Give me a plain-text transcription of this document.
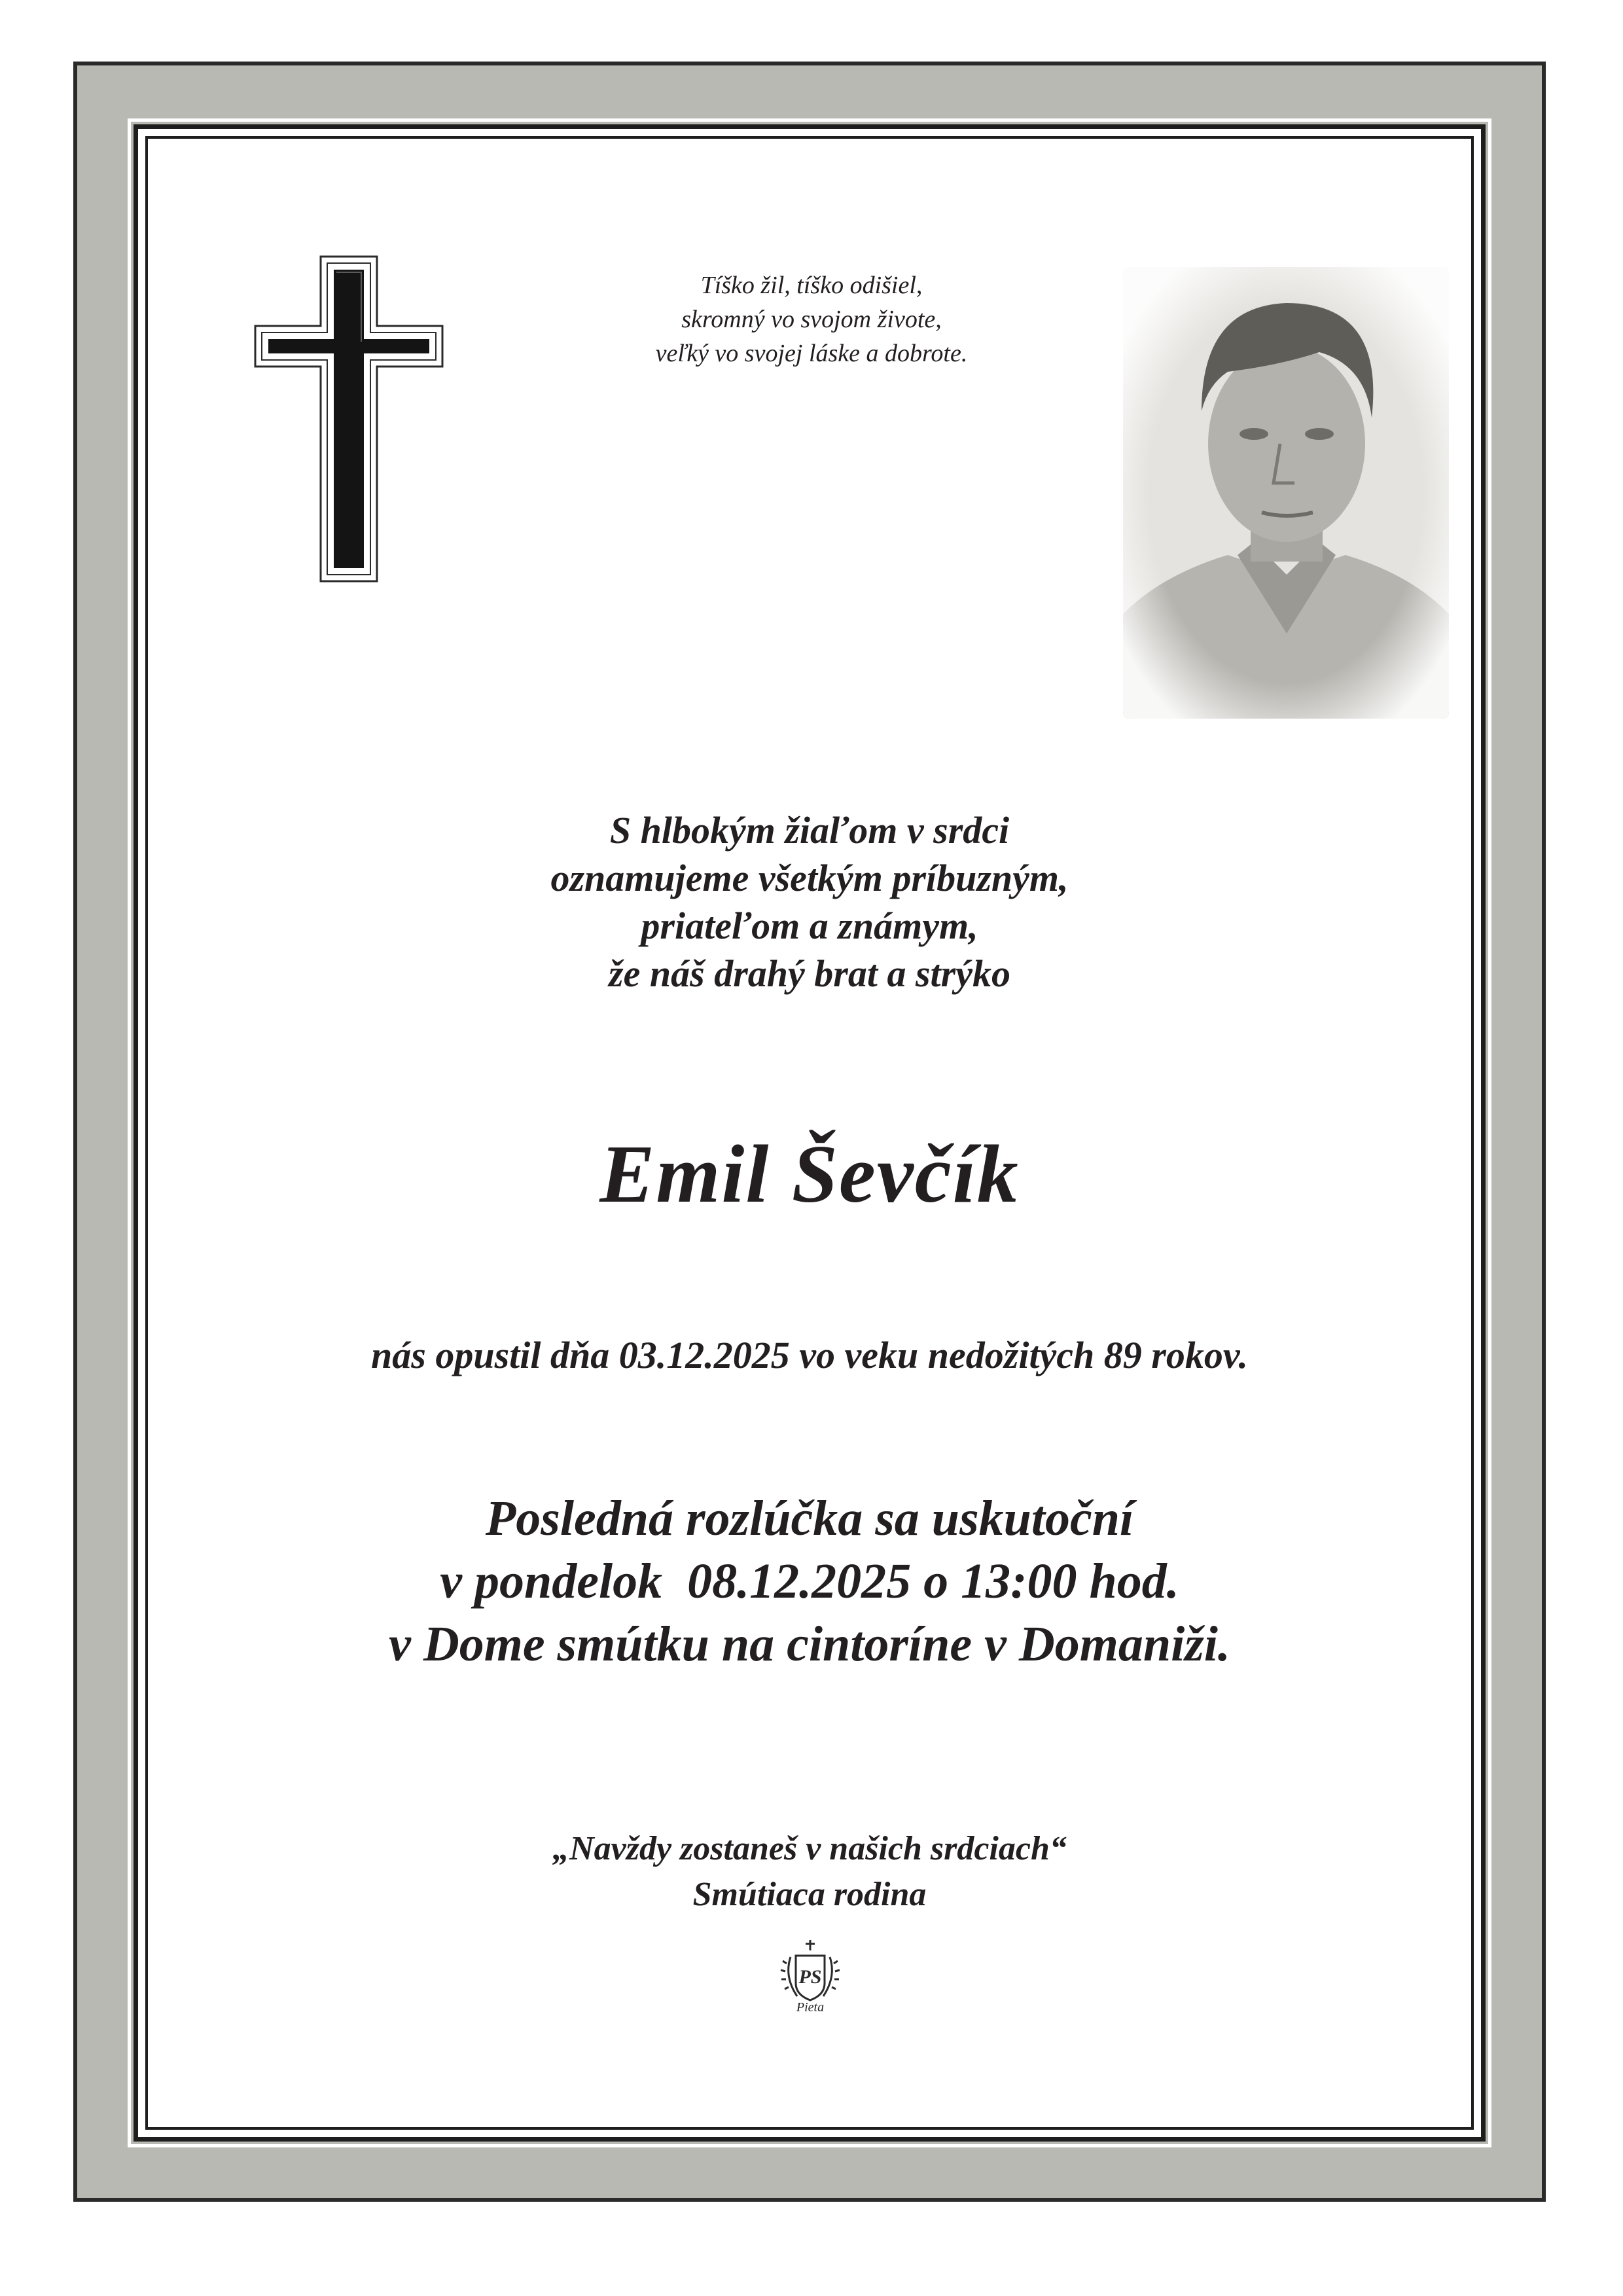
Tíško žil, tíško odišiel,
skromný vo svojom živote,
veľký vo svojej láske a dobrote.
S hlbokým žiaľom v srdci
oznamujeme všetkým príbuzným,
priateľom a známym,
že náš drahý brat a strýko
Emil Ševčík
nás opustil dňa 03.12.2025 vo veku nedožitých 89 rokov.
Posledná rozlúčka sa uskutoční
v pondelok  08.12.2025 o 13:00 hod.
v Dome smútku na cintoríne v Domaniži.
„Navždy zostaneš v našich srdciach“
Smútiaca rodina
PS
Pieta
